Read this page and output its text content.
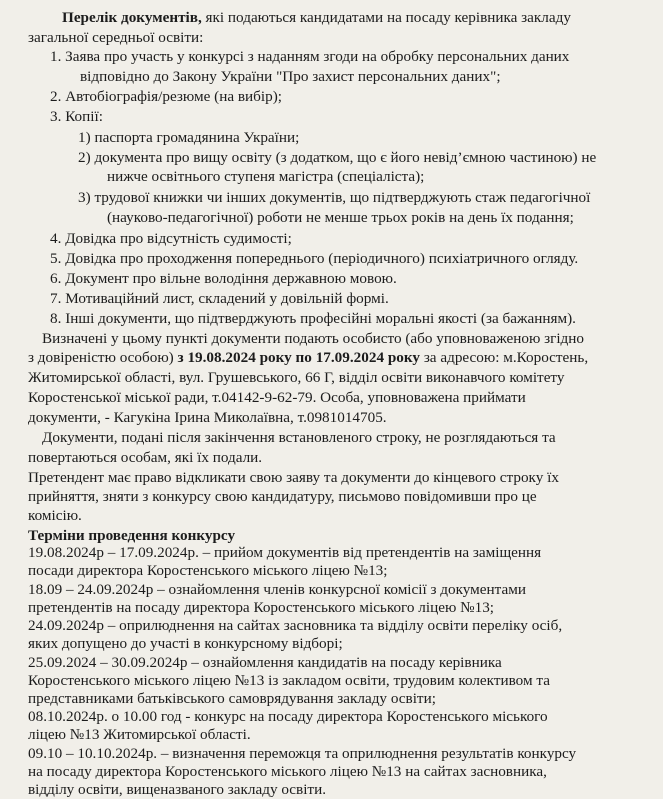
Перелік документів, які подаються кандидатами на посаду керівника закладу
загальної середньої освіти:
1. Заява про участь у конкурсі з наданням згоди на обробку персональних даних
відповідно до Закону України "Про захист персональних даних";
2. Автобіографія/резюме (на вибір);
3. Копії:
1) паспорта громадянина України;
2) документа про вищу освіту (з додатком, що є його невід’ємною частиною) не
нижче освітнього ступеня магістра (спеціаліста);
3) трудової книжки чи інших документів, що підтверджують стаж педагогічної
(науково-педагогічної) роботи не менше трьох років на день їх подання;
4. Довідка про відсутність судимості;
5. Довідка про проходження попереднього (періодичного) психіатричного огляду.
6. Документ про вільне володіння державною мовою.
7. Мотиваційний лист, складений у довільній формі.
8. Інші документи, що підтверджують професійні моральні якості (за бажанням).
Визначені у цьому пункті документи подають особисто (або уповноваженою згідно
з довіреністю особою) з 19.08.2024 року по 17.09.2024 року за адресою: м.Коростень,
Житомирської області, вул. Грушевського, 66 Г, відділ освіти виконавчого комітету
Коростенської міської ради, т.04142-9-62-79. Особа, уповноважена приймати
документи, - Кагукіна Ірина Миколаївна, т.0981014705.
Документи, подані після закінчення встановленого строку, не розглядаються та
повертаються особам, які їх подали.
Претендент має право відкликати свою заяву та документи до кінцевого строку їх
прийняття, зняти з конкурсу свою кандидатуру, письмово повідомивши про це
комісію.
Терміни проведення конкурсу
19.08.2024р – 17.09.2024р. – прийом документів від претендентів на заміщення
посади директора Коростенського міського ліцею №13;
18.09 – 24.09.2024р – ознайомлення членів конкурсної комісії з документами
претендентів на посаду директора Коростенського міського ліцею №13;
24.09.2024р – оприлюднення на сайтах засновника та відділу освіти переліку осіб,
яких допущено до участі в конкурсному відборі;
25.09.2024 – 30.09.2024р – ознайомлення кандидатів на посаду керівника
Коростенського міського ліцею №13 із закладом освіти, трудовим колективом та
представниками батьківського самоврядування закладу освіти;
08.10.2024р. о 10.00 год - конкурс на посаду директора Коростенського міського
ліцею №13 Житомирської області.
09.10 – 10.10.2024р. – визначення переможця та оприлюднення результатів конкурсу
на посаду директора Коростенського міського ліцею №13 на сайтах засновника,
відділу освіти, вищеназваного закладу освіти.
